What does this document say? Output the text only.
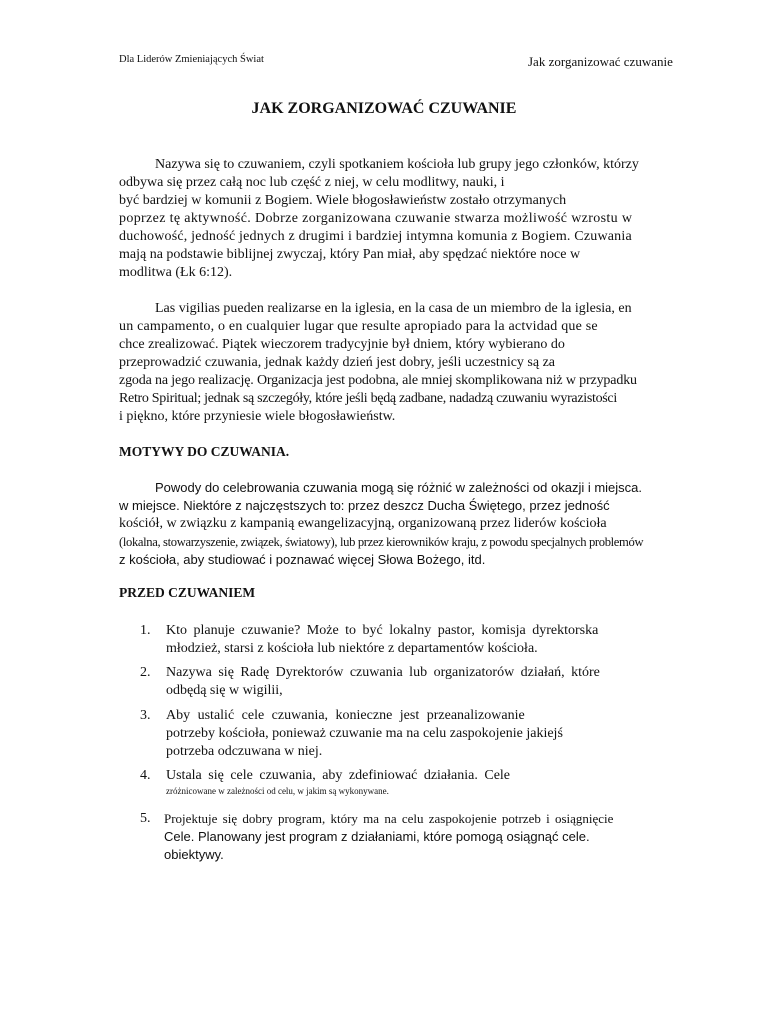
Dla Liderów Zmieniających Świat	Jak zorganizować czuwanie
JAK ZORGANIZOWAĆ CZUWANIE
Nazywa się to czuwaniem, czyli spotkaniem kościoła lub grupy jego członków, którzy
odbywa się przez całą noc lub część z niej, w celu modlitwy, nauki, i
być bardziej w komunii z Bogiem. Wiele błogosławieństw zostało otrzymanych
poprzez tę aktywność. Dobrze zorganizowana czuwanie stwarza możliwość wzrostu w
duchowość, jedność jednych z drugimi i bardziej intymna komunia z Bogiem. Czuwania
mają na podstawie biblijnej zwyczaj, który Pan miał, aby spędzać niektóre noce w
modlitwa (Łk 6:12).
Las vigilias pueden realizarse en la iglesia, en la casa de un miembro de la iglesia, en
un campamento, o en cualquier lugar que resulte apropiado para la actvidad que se
chce zrealizować. Piątek wieczorem tradycyjnie był dniem, który wybierano do
przeprowadzić czuwania, jednak każdy dzień jest dobry, jeśli uczestnicy są za
zgoda na jego realizację. Organizacja jest podobna, ale mniej skomplikowana niż w przypadku
Retro Spiritual; jednak są szczegóły, które jeśli będą zadbane, nadadzą czuwaniu wyrazistości
i piękno, które przyniesie wiele błogosławieństw.
MOTYWY DO CZUWANIA.
Powody do celebrowania czuwania mogą się różnić w zależności od okazji i miejsca.
w miejsce. Niektóre z najczęstszych to: przez deszcz Ducha Świętego, przez jedność
kościół, w związku z kampanią ewangelizacyjną, organizowaną przez liderów kościoła
(lokalna, stowarzyszenie, związek, światowy), lub przez kierowników kraju, z powodu specjalnych problemów
z kościoła, aby studiować i poznawać więcej Słowa Bożego, itd.
PRZED CZUWANIEM
1.	Kto planuje czuwanie? Może to być lokalny pastor, komisja dyrektorska
młodzież, starsi z kościoła lub niektóre z departamentów kościoła.
2.	Nazywa się Radę Dyrektorów czuwania lub organizatorów działań, które
odbędą się w wigilii,
3.	Aby ustalić cele czuwania, konieczne jest przeanalizowanie
potrzeby kościoła, ponieważ czuwanie ma na celu zaspokojenie jakiejś
potrzeba odczuwana w niej.
4.	Ustala się cele czuwania, aby zdefiniować działania. Cele
zróżnicowane w zależności od celu, w jakim są wykonywane.
5.	Projektuje się dobry program, który ma na celu zaspokojenie potrzeb i osiągnięcie
Cele. Planowany jest program z działaniami, które pomogą osiągnąć cele.
obiektywy.
